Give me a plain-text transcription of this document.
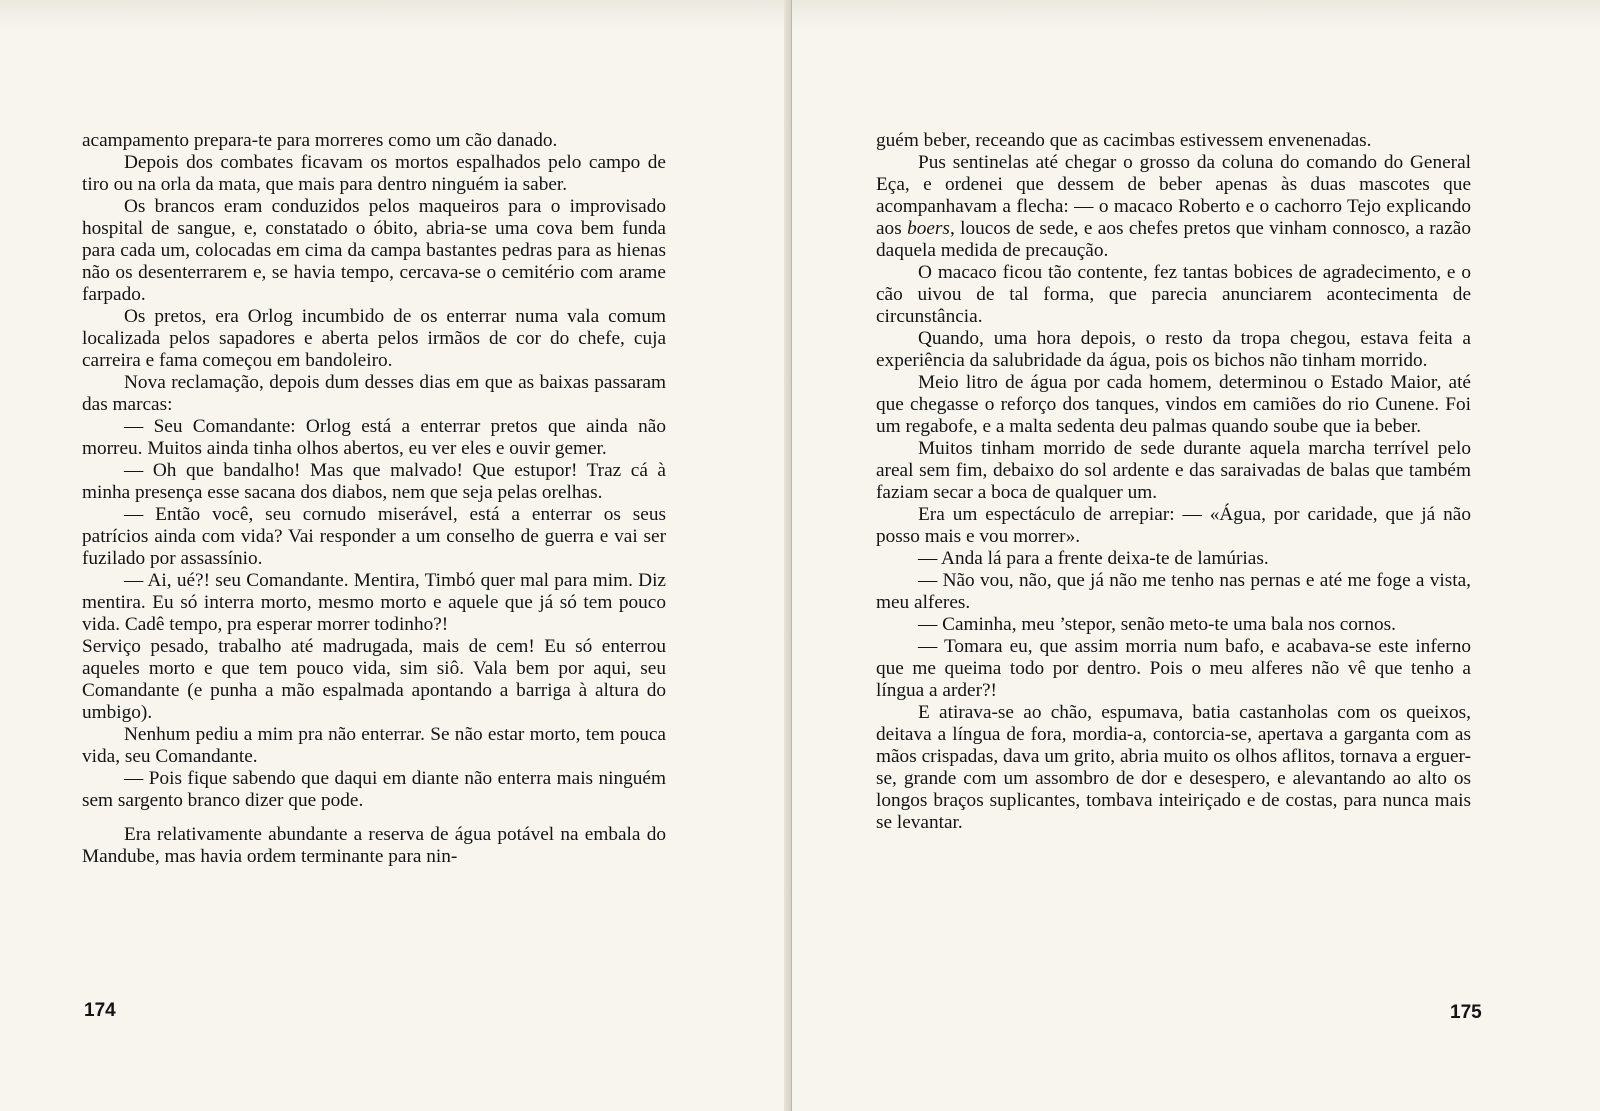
acampamento prepara-te para morreres como um cão danado.

Depois dos combates ficavam os mortos espalhados pelo campo de tiro ou na orla da mata, que mais para dentro ninguém ia saber.

Os brancos eram conduzidos pelos maqueiros para o improvisado hospital de sangue, e, constatado o óbito, abria-se uma cova bem funda para cada um, colocadas em cima da campa bastantes pedras para as hienas não os desenterrarem e, se havia tempo, cercava-se o cemitério com arame farpado.

Os pretos, era Orlog incumbido de os enterrar numa vala comum localizada pelos sapadores e aberta pelos irmãos de cor do chefe, cuja carreira e fama começou em bandoleiro.

Nova reclamação, depois dum desses dias em que as baixas passaram das marcas:

— Seu Comandante: Orlog está a enterrar pretos que ainda não morreu. Muitos ainda tinha olhos abertos, eu ver eles e ouvir gemer.

— Oh que bandalho! Mas que malvado! Que estupor! Traz cá à minha presença esse sacana dos diabos, nem que seja pelas orelhas.

— Então você, seu cornudo miserável, está a enterrar os seus patrícios ainda com vida? Vai responder a um conselho de guerra e vai ser fuzilado por assassínio.

— Ai, ué?! seu Comandante. Mentira, Timbó quer mal para mim. Diz mentira. Eu só interra morto, mesmo morto e aquele que já só tem pouco vida. Cadê tempo, pra esperar morrer todinho?!

Serviço pesado, trabalho até madrugada, mais de cem! Eu só enterrou aqueles morto e que tem pouco vida, sim siô. Vala bem por aqui, seu Comandante (e punha a mão espalmada apontando a barriga à altura do umbigo).

Nenhum pediu a mim pra não enterrar. Se não estar morto, tem pouca vida, seu Comandante.

— Pois fique sabendo que daqui em diante não enterra mais ninguém sem sargento branco dizer que pode.

Era relativamente abundante a reserva de água potável na embala do Mandube, mas havia ordem terminante para nin-

174

guém beber, receando que as cacimbas estivessem envenenadas.

Pus sentinelas até chegar o grosso da coluna do comando do General Eça, e ordenei que dessem de beber apenas às duas mascotes que acompanhavam a flecha: — o macaco Roberto e o cachorro Tejo explicando aos boers, loucos de sede, e aos chefes pretos que vinham connosco, a razão daquela medida de precaução.

O macaco ficou tão contente, fez tantas bobices de agradecimento, e o cão uivou de tal forma, que parecia anunciarem acontecimenta de circunstância.

Quando, uma hora depois, o resto da tropa chegou, estava feita a experiência da salubridade da água, pois os bichos não tinham morrido.

Meio litro de água por cada homem, determinou o Estado Maior, até que chegasse o reforço dos tanques, vindos em camiões do rio Cunene. Foi um regabofe, e a malta sedenta deu palmas quando soube que ia beber.

Muitos tinham morrido de sede durante aquela marcha terrível pelo areal sem fim, debaixo do sol ardente e das saraivadas de balas que também faziam secar a boca de qualquer um.

Era um espectáculo de arrepiar: — «Água, por caridade, que já não posso mais e vou morrer».

— Anda lá para a frente deixa-te de lamúrias.

— Não vou, não, que já não me tenho nas pernas e até me foge a vista, meu alferes.

— Caminha, meu ’stepor, senão meto-te uma bala nos cornos.

— Tomara eu, que assim morria num bafo, e acabava-se este inferno que me queima todo por dentro. Pois o meu alferes não vê que tenho a língua a arder?!

E atirava-se ao chão, espumava, batia castanholas com os queixos, deitava a língua de fora, mordia-a, contorcia-se, apertava a garganta com as mãos crispadas, dava um grito, abria muito os olhos aflitos, tornava a erguer-se, grande com um assombro de dor e desespero, e alevantando ao alto os longos braços suplicantes, tombava inteiriçado e de costas, para nunca mais se levantar.

175
